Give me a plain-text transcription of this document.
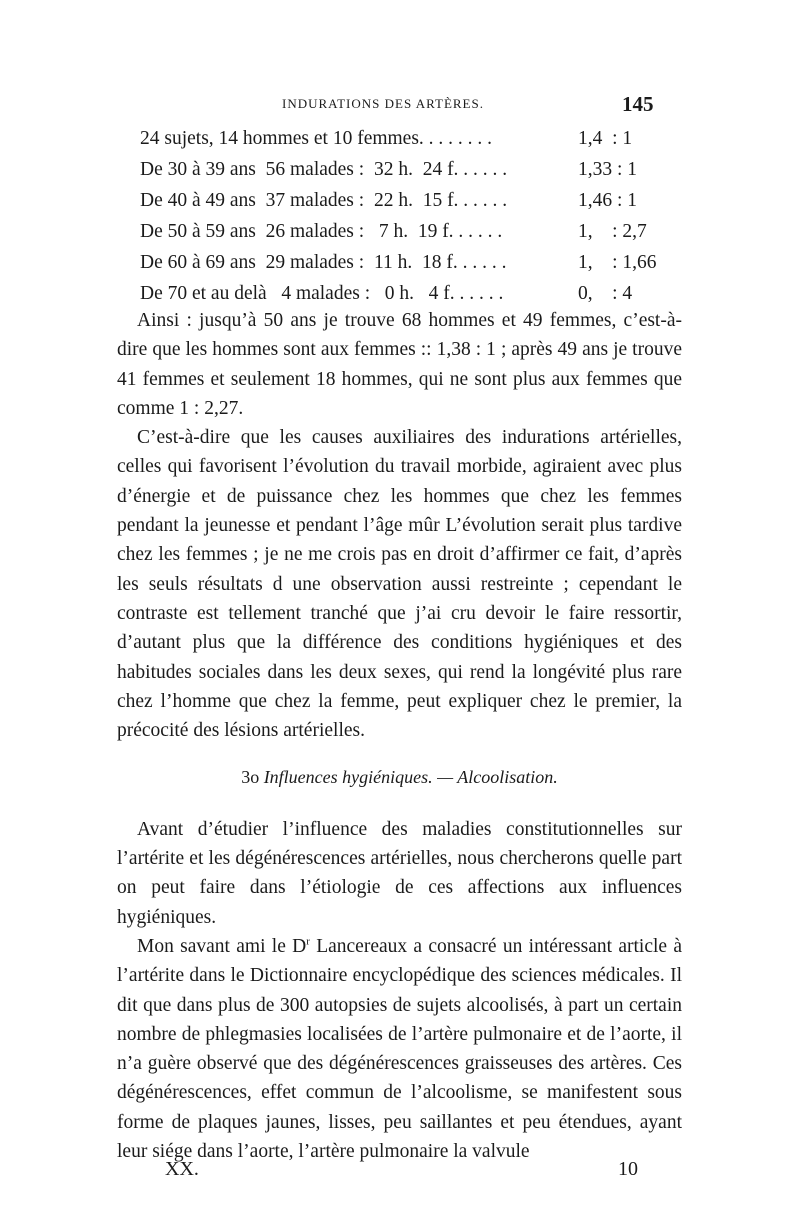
INDURATIONS DES ARTÈRES.	145
24 sujets, 14 hommes et 10 femmes. . . . . . . .	1,4  : 1
De 30 à 39 ans  56 malades :  32 h.  24 f. . . . . .	1,33 : 1
De 40 à 49 ans  37 malades :  22 h.  15 f. . . . . .	1,46 : 1
De 50 à 59 ans  26 malades :   7 h.  19 f. . . . . .	1,    : 2,7
De 60 à 69 ans  29 malades :  11 h.  18 f. . . . . .	1,    : 1,66
De 70 et au delà   4 malades :   0 h.   4 f. . . . . .	0,    : 4

Ainsi : jusqu’à 50 ans je trouve 68 hommes et 49 femmes, c’est-à-dire que les hommes sont aux femmes :: 1,38 : 1 ; après 49 ans je trouve 41 femmes et seulement 18 hommes, qui ne sont plus aux femmes que comme 1 : 2,27.

C’est-à-dire que les causes auxiliaires des indurations artérielles, celles qui favorisent l’évolution du travail morbide, agiraient avec plus d’énergie et de puissance chez les hommes que chez les femmes pendant la jeunesse et pendant l’âge mûr L’évolution serait plus tardive chez les femmes ; je ne me crois pas en droit d’affirmer ce fait, d’après les seuls résultats d une observation aussi restreinte ; cependant le contraste est tellement tranché que j’ai cru devoir le faire ressortir, d’autant plus que la différence des conditions hygiéniques et des habitudes sociales dans les deux sexes, qui rend la longévité plus rare chez l’homme que chez la femme, peut expliquer chez le premier, la précocité des lésions artérielles.

3o Influences hygiéniques. — Alcoolisation.

Avant d’étudier l’influence des maladies constitutionnelles sur l’artérite et les dégénérescences artérielles, nous chercherons quelle part on peut faire dans l’étiologie de ces affections aux influences hygiéniques.

Mon savant ami le $D^r$ Lancereaux a consacré un intéressant article à l’artérite dans le Dictionnaire encyclopédique des sciences médicales. Il dit que dans plus de 300 autopsies de sujets alcoolisés, à part un certain nombre de phlegmasies localisées de l’artère pulmonaire et de l’aorte, il n’a guère observé que des dégénérescences graisseuses des artères. Ces dégénérescences, effet commun de l’alcoolisme, se manifestent sous forme de plaques jaunes, lisses, peu saillantes et peu étendues, ayant leur siége dans l’aorte, l’artère pulmonaire la valvule

XX.	10
